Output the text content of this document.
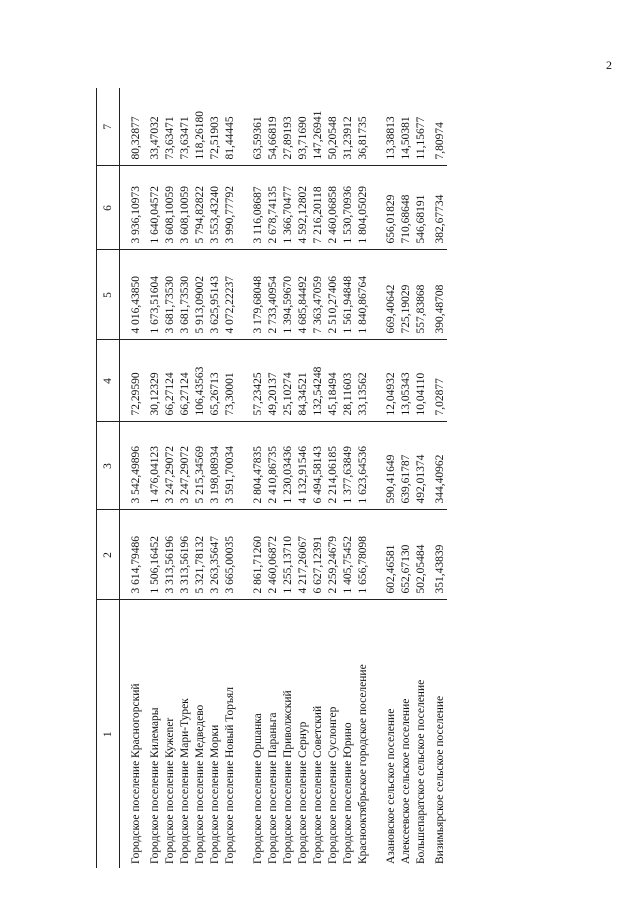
2
1	2	3	4	5	6	7
Городское поселение Красногорский	3 614,79486	3 542,49896	72,29590	4 016,43850	3 936,10973	80,32877
Городское поселение Килемары	1 506,16452	1 476,04123	30,12329	1 673,51604	1 640,04572	33,47032
Городское поселение Кужener	3 313,56196	3 247,29072	66,27124	3 681,73530	3 608,10059	73,63471
Городское поселение Мари-Турек	3 313,56196	3 247,29072	66,27124	3 681,73530	3 608,10059	73,63471
Городское поселение Медведево	5 321,78132	5 215,34569	106,43563	5 913,09002	5 794,82822	118,26180
Городское поселение Морки	3 263,35647	3 198,08934	65,26713	3 625,95143	3 553,43240	72,51903
Городское поселение Новый Торъял	3 665,00035	3 591,70034	73,30001	4 072,22237	3 990,77792	81,44445
Городское поселение Оршанка	2 861,71260	2 804,47835	57,23425	3 179,68048	3 116,08687	63,59361
Городское поселение Параньга	2 460,06872	2 410,86735	49,20137	2 733,40954	2 678,74135	54,66819
Городское поселение Приволжский	1 255,13710	1 230,03436	25,10274	1 394,59670	1 366,70477	27,89193
Городское поселение Сернур	4 217,26067	4 132,91546	84,34521	4 685,84492	4 592,12802	93,71690
Городское поселение Советский	6 627,12391	6 494,58143	132,54248	7 363,47059	7 216,20118	147,26941
Городское поселение Суслонгер	2 259,24679	2 214,06185	45,18494	2 510,27406	2 460,06858	50,20548
Городское поселение Юрино	1 405,75452	1 377,63849	28,11603	1 561,94848	1 530,70936	31,23912
Красноoктябрьское городское поселение	1 656,78098	1 623,64536	33,13562	1 840,86764	1 804,05029	36,81735
Азановское сельское поселение	602,46581	590,41649	12,04932	669,40642	656,01829	13,38813
Алексеевское сельское поселение	652,67130	639,61787	13,05343	725,19029	710,68648	14,50381
Большепаратское сельское поселение	502,05484	492,01374	10,04110	557,83868	546,68191	11,15677
Визимьярское сельское поселение	351,43839	344,40962	7,02877	390,48708	382,67734	7,80974
